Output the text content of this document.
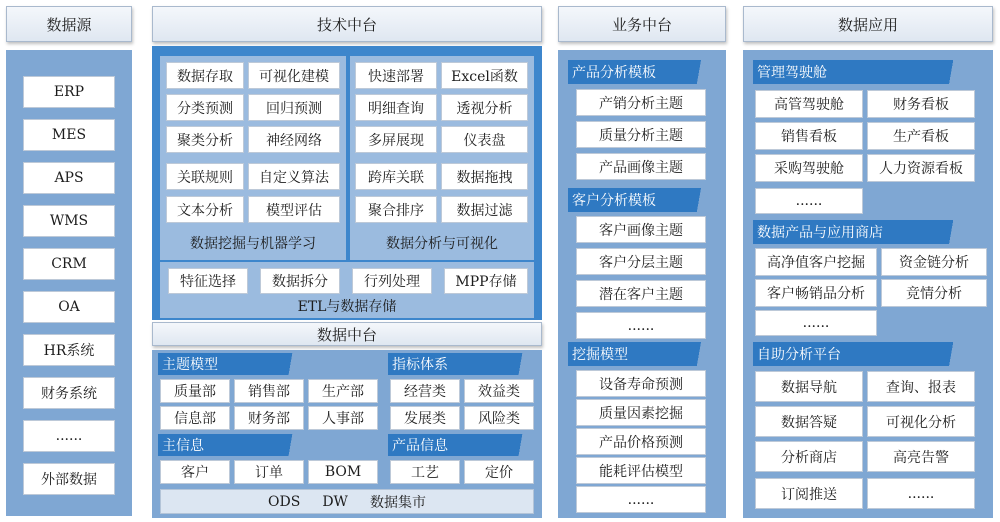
数据源
ERP
MES
APS
WMS
CRM
OA
HR系统
财务系统
......
外部数据
技术中台
数据存取	可视化建模
分类预测	回归预测
聚类分析	神经网络
关联规则	自定义算法
文本分析	模型评估
数据挖掘与机器学习
快速部署	Excel函数
明细查询	透视分析
多屏展现	仪表盘
跨库关联	数据拖拽
聚合排序	数据过滤
数据分析与可视化
特征选择	数据拆分	行列处理	MPP存储
ETL与数据存储
数据中台
主题模型	指标体系
质量部	销售部	生产部
信息部	财务部	人事部
经营类	效益类
发展类	风险类
主信息	产品信息
客户	订单	BOM	工艺	定价
ODS DW 数据集市
业务中台
产品分析模板
产销分析主题
质量分析主题
产品画像主题
客户分析模板
客户画像主题
客户分层主题
潜在客户主题
......
挖掘模型
设备寿命预测
质量因素挖掘
产品价格预测
能耗评估模型
......
数据应用
管理驾驶舱
高管驾驶舱	财务看板
销售看板	生产看板
采购驾驶舱	人力资源看板
......
数据产品与应用商店
高净值客户挖掘	资金链分析
客户畅销品分析	竞情分析
......
自助分析平台
数据导航	查询、报表
数据答疑	可视化分析
分析商店	高亮告警
订阅推送	......
